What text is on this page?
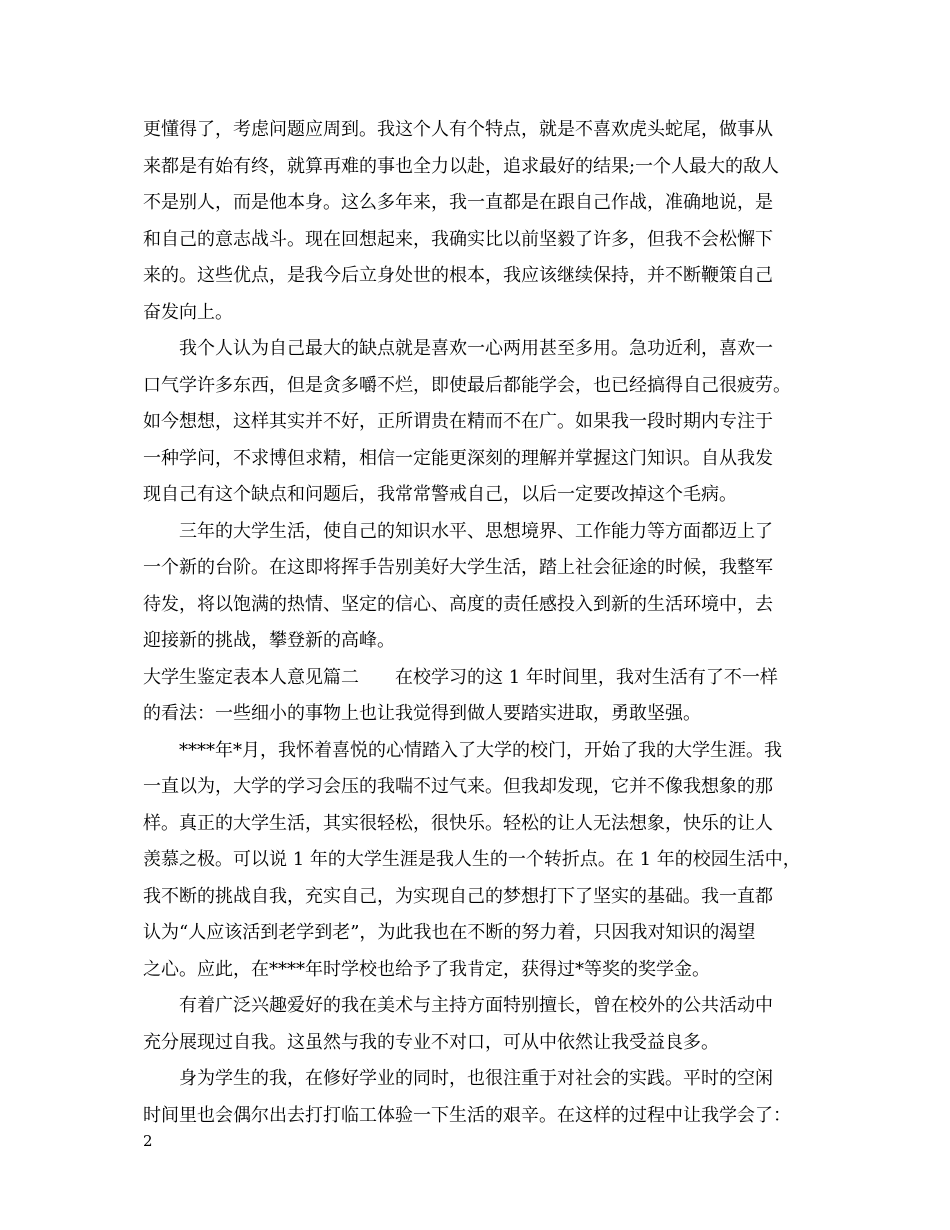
更懂得了，考虑问题应周到。我这个人有个特点，就是不喜欢虎头蛇尾，做事从
来都是有始有终，就算再难的事也全力以赴，追求最好的结果;一个人最大的敌人
不是别人，而是他本身。这么多年来，我一直都是在跟自己作战，准确地说，是
和自己的意志战斗。现在回想起来，我确实比以前坚毅了许多，但我不会松懈下
来的。这些优点，是我今后立身处世的根本，我应该继续保持，并不断鞭策自己
奋发向上。
我个人认为自己最大的缺点就是喜欢一心两用甚至多用。急功近利，喜欢一
口气学许多东西，但是贪多嚼不烂，即使最后都能学会，也已经搞得自己很疲劳。
如今想想，这样其实并不好，正所谓贵在精而不在广。如果我一段时期内专注于
一种学问，不求博但求精，相信一定能更深刻的理解并掌握这门知识。自从我发
现自己有这个缺点和问题后，我常常警戒自己，以后一定要改掉这个毛病。
三年的大学生活，使自己的知识水平、思想境界、工作能力等方面都迈上了
一个新的台阶。在这即将挥手告别美好大学生活，踏上社会征途的时候，我整军
待发，将以饱满的热情、坚定的信心、高度的责任感投入到新的生活环境中，去
迎接新的挑战，攀登新的高峰。
大学生鉴定表本人意见篇二 在校学习的这 1 年时间里，我对生活有了不一样
的看法：一些细小的事物上也让我觉得到做人要踏实进取，勇敢坚强。
****年*月，我怀着喜悦的心情踏入了大学的校门，开始了我的大学生涯。我
一直以为，大学的学习会压的我喘不过气来。但我却发现，它并不像我想象的那
样。真正的大学生活，其实很轻松，很快乐。轻松的让人无法想象，快乐的让人
羡慕之极。可以说 1 年的大学生涯是我人生的一个转折点。在 1 年的校园生活中，
我不断的挑战自我，充实自己，为实现自己的梦想打下了坚实的基础。我一直都
认为“人应该活到老学到老”，为此我也在不断的努力着，只因我对知识的渴望
之心。应此，在****年时学校也给予了我肯定，获得过*等奖的奖学金。
有着广泛兴趣爱好的我在美术与主持方面特别擅长，曾在校外的公共活动中
充分展现过自我。这虽然与我的专业不对口，可从中依然让我受益良多。
身为学生的我，在修好学业的同时，也很注重于对社会的实践。平时的空闲
时间里也会偶尔出去打打临工体验一下生活的艰辛。在这样的过程中让我学会了：
2
